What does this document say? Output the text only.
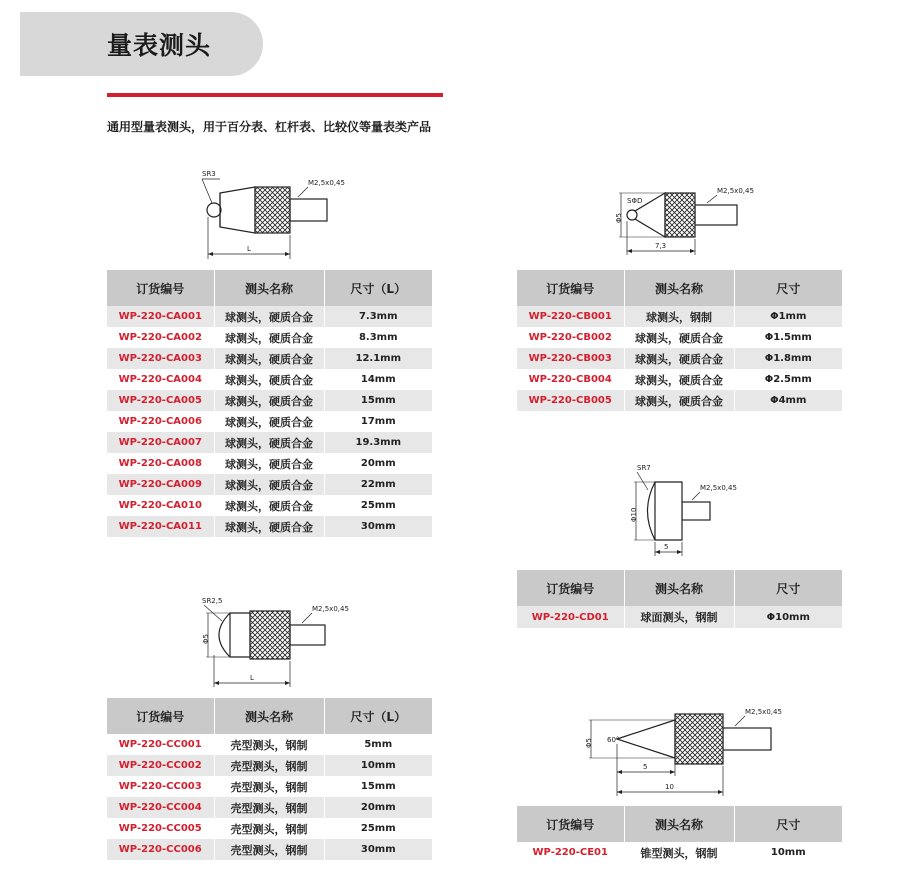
量表测头
通用型量表测头，用于百分表、杠杆表、比较仪等量表类产品
SR3
M2,5x0,45
L
Φ5
SΦD
M2,5x0,45
7,3
Φ10
SR7
M2,5x0,45
5
Φ5
SR2,5
M2,5x0,45
L
Φ5 60°
M2,5x0,45
5
10
订货编号	测头名称	尺寸（L）
WP-220-CA001	球测头，硬质合金	7.3mm
WP-220-CA002	球测头，硬质合金	8.3mm
WP-220-CA003	球测头，硬质合金	12.1mm
WP-220-CA004	球测头，硬质合金	14mm
WP-220-CA005	球测头，硬质合金	15mm
WP-220-CA006	球测头，硬质合金	17mm
WP-220-CA007	球测头，硬质合金	19.3mm
WP-220-CA008	球测头，硬质合金	20mm
WP-220-CA009	球测头，硬质合金	22mm
WP-220-CA010	球测头，硬质合金	25mm
WP-220-CA011	球测头，硬质合金	30mm
订货编号	测头名称	尺寸
WP-220-CB001	球测头，钢制	Φ1mm
WP-220-CB002	球测头，硬质合金	Φ1.5mm
WP-220-CB003	球测头，硬质合金	Φ1.8mm
WP-220-CB004	球测头，硬质合金	Φ2.5mm
WP-220-CB005	球测头，硬质合金	Φ4mm
订货编号	测头名称	尺寸
WP-220-CD01	球面测头，钢制	Φ10mm
订货编号	测头名称	尺寸（L）
WP-220-CC001	壳型测头，钢制	5mm
WP-220-CC002	壳型测头，钢制	10mm
WP-220-CC003	壳型测头，钢制	15mm
WP-220-CC004	壳型测头，钢制	20mm
WP-220-CC005	壳型测头，钢制	25mm
WP-220-CC006	壳型测头，钢制	30mm
订货编号	测头名称	尺寸
WP-220-CE01	锥型测头，钢制	10mm
